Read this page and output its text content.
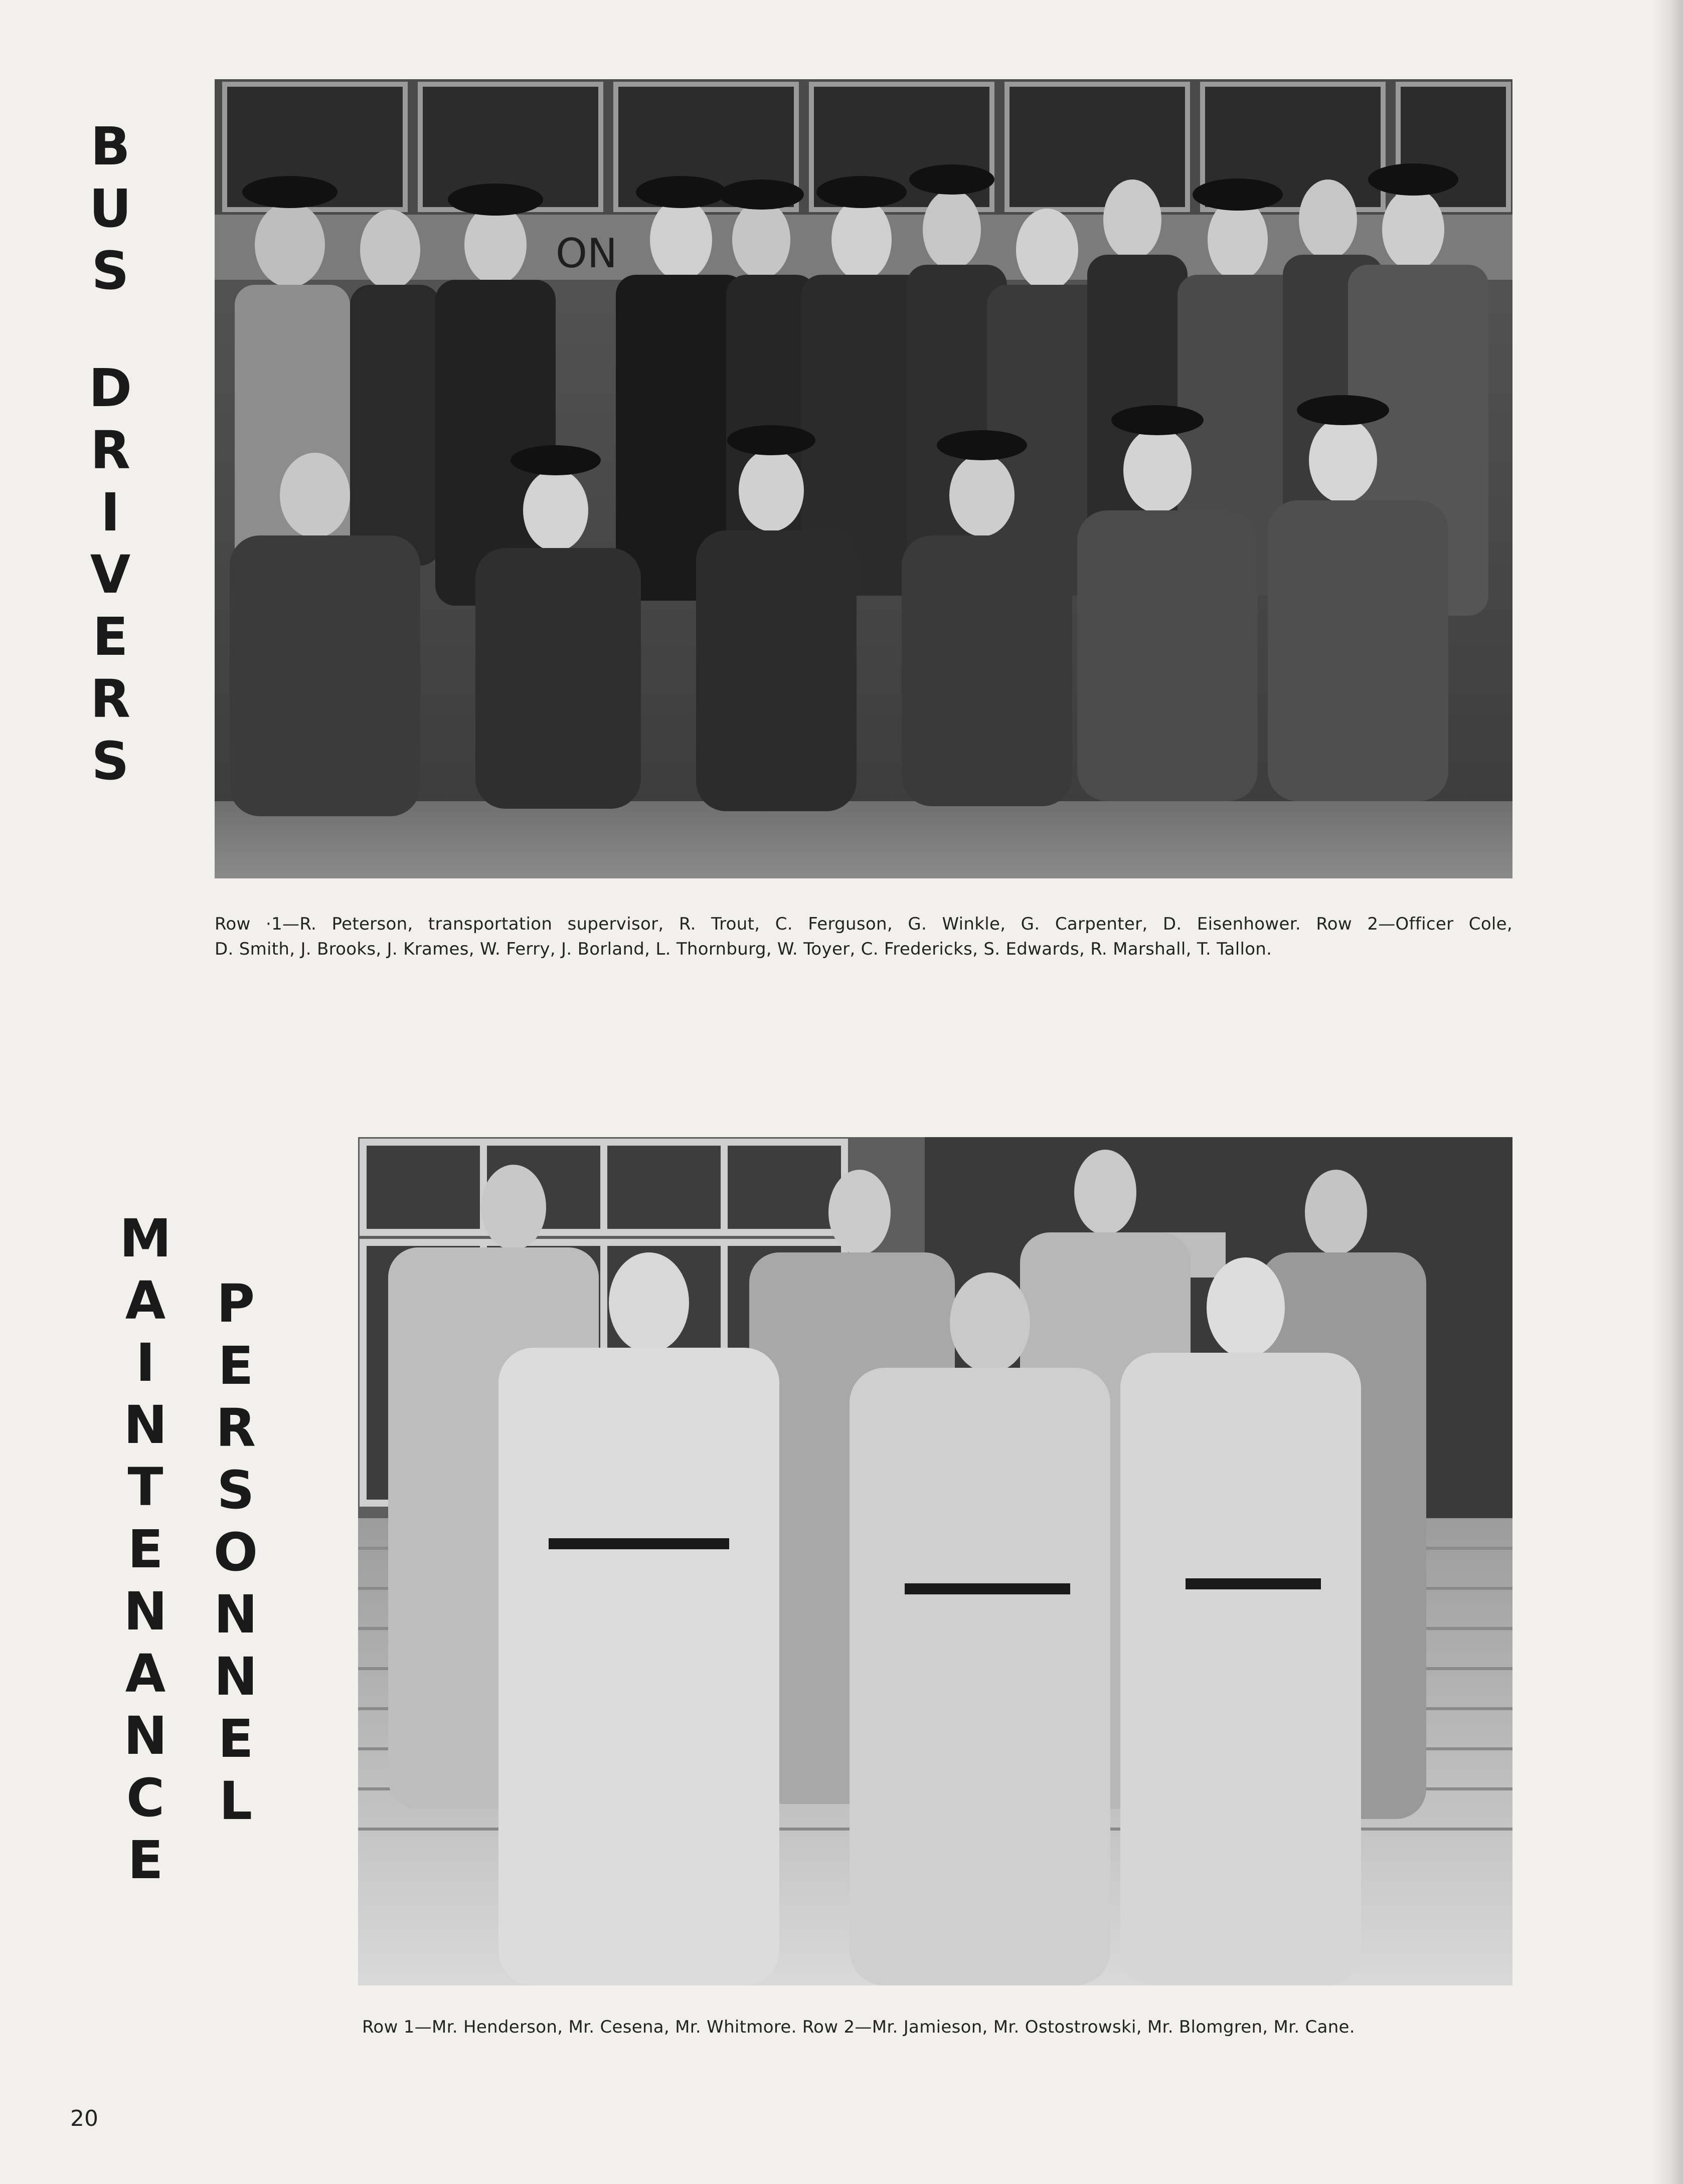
B
U
S
D
R
I
V
E
R
S
ON
Row ·1—R. Peterson, transportation supervisor, R. Trout, C. Ferguson, G. Winkle, G. Carpenter, D. Eisenhower. Row 2—Officer Cole,
D. Smith, J. Brooks, J. Krames, W. Ferry, J. Borland, L. Thornburg, W. Toyer, C. Fredericks, S. Edwards, R. Marshall, T. Tallon.
M
A
I
N
T
E
N
A
N
C
E
P
E
R
S
O
N
N
E
L
Row 1—Mr. Henderson, Mr. Cesena, Mr. Whitmore. Row 2—Mr. Jamieson, Mr. Ostostrowski, Mr. Blomgren, Mr. Cane.
20
